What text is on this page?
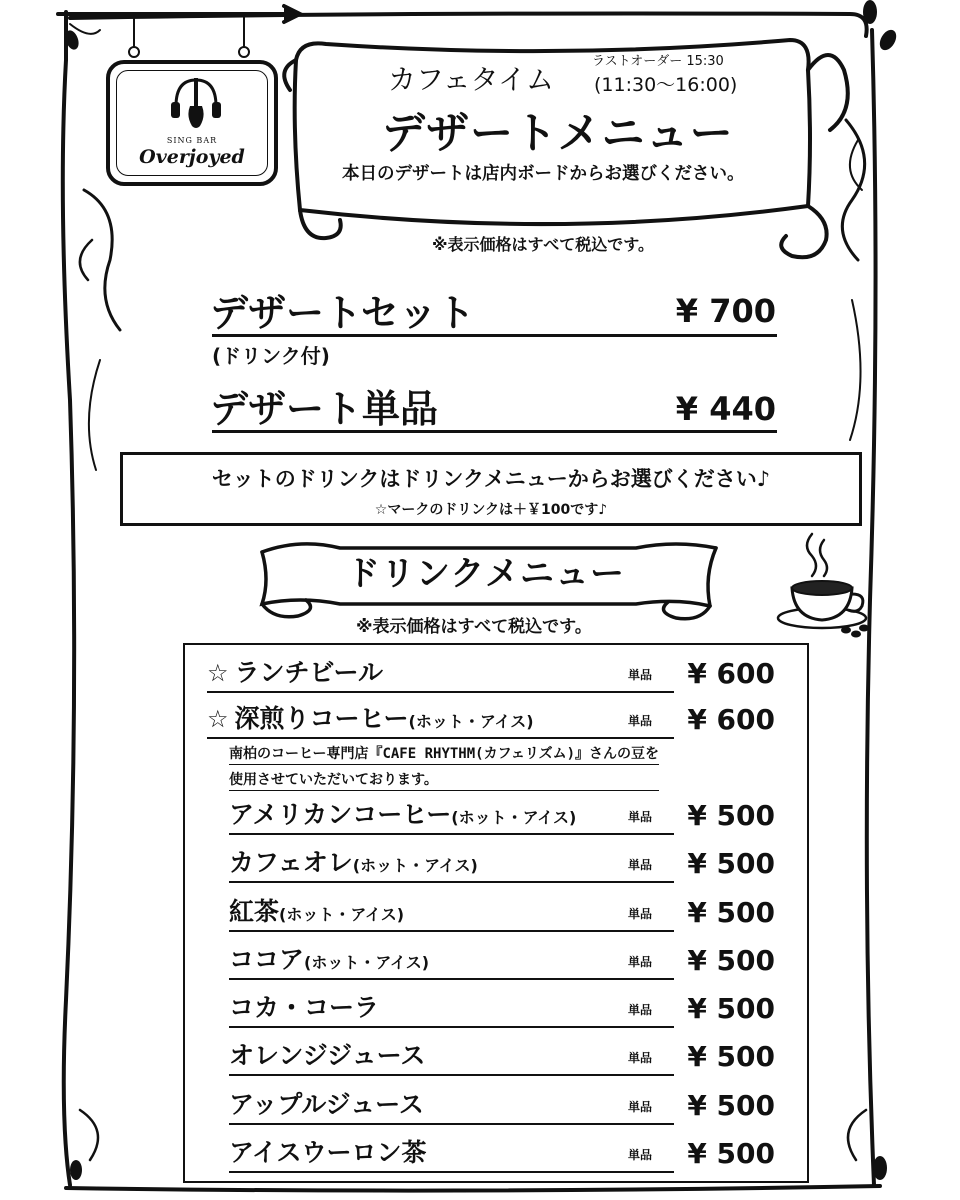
SING BAR
Overjoyed
ラストオーダー 15:30
カフェタイム (11:30〜16:00)
デザートメニュー
本日のデザートは店内ボードからお選びください。
※表示価格はすべて税込です。
デザートセット	¥ 700
(ドリンク付)
デザート単品	¥ 440
セットのドリンクはドリンクメニューからお選びください♪
☆マークのドリンクは＋￥100です♪
ドリンクメニュー
※表示価格はすべて税込です。
☆ ランチビール	単品 ¥ 600
☆ 深煎りコーヒー(ホット・アイス)	単品 ¥ 600
南柏のコーヒー専門店『CAFE RHYTHM(カフェリズム)』さんの豆を
使用させていただいております。
アメリカンコーヒー(ホット・アイス)	単品 ¥ 500
カフェオレ(ホット・アイス)	単品 ¥ 500
紅茶(ホット・アイス)	単品 ¥ 500
ココア(ホット・アイス)	単品 ¥ 500
コカ・コーラ	単品 ¥ 500
オレンジジュース	単品 ¥ 500
アップルジュース	単品 ¥ 500
アイスウーロン茶	単品 ¥ 500
